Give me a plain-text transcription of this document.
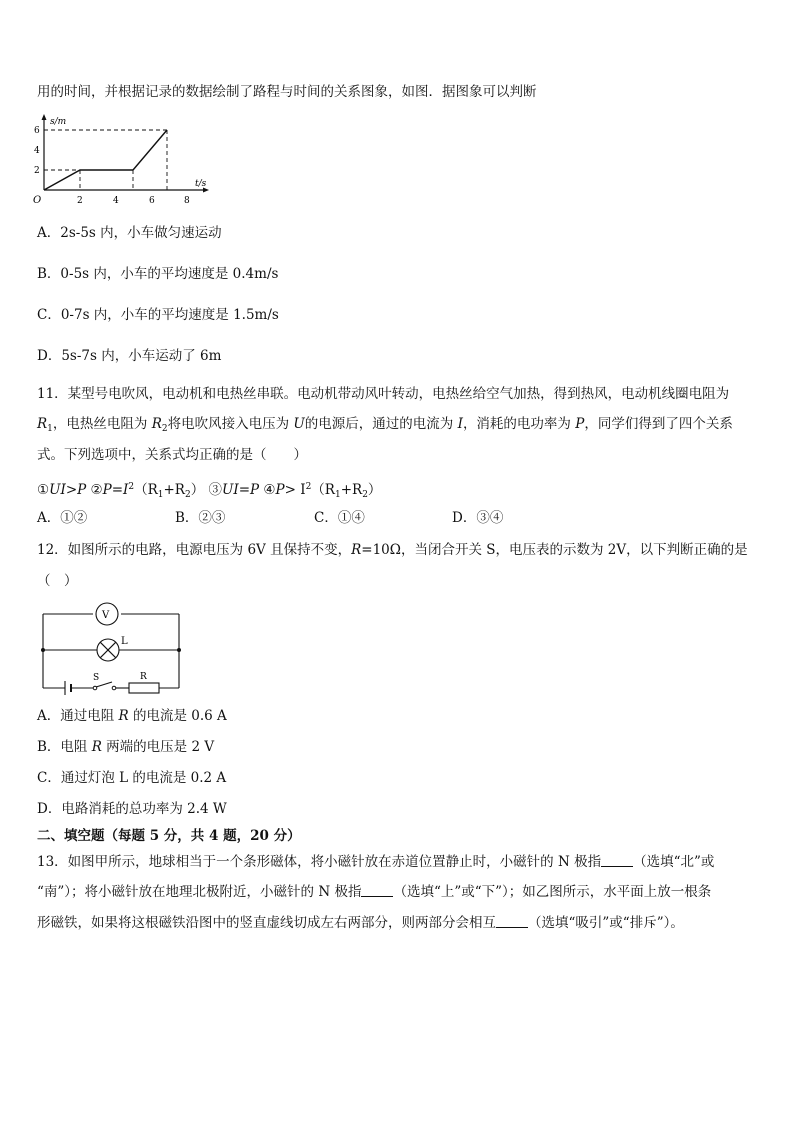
用的时间，并根据记录的数据绘制了路程与时间的关系图象，如图．据图象可以判断
s/m
t/s
O
2
4
6
2	4	6	8
A．2s-5s 内，小车做匀速运动
B．0-5s 内，小车的平均速度是 0.4m/s
C．0-7s 内，小车的平均速度是 1.5m/s
D．5s-7s 内，小车运动了 6m
11．某型号电吹风，电动机和电热丝串联。电动机带动风叶转动，电热丝给空气加热，得到热风，电动机线圈电阻为
$R_1$，电热丝电阻为 $R_2$将电吹风接入电压为 U的电源后，通过的电流为 I，消耗的电功率为 P，同学们得到了四个关系
式。下列选项中，关系式均正确的是（　　）
①UI>P $②P=I^2(R_1+R_2)$ ③UI=P ④P> $I^2(R_1+R_2)$
A．①②	B．②③	C．①④	D．③④
12．如图所示的电路，电源电压为 6V 且保持不变，R=10Ω，当闭合开关 S，电压表的示数为 2V，以下判断正确的是
（　）
V
L
S	R
A．通过电阻 R 的电流是 0.6 A
B．电阻 R 两端的电压是 2 V
C．通过灯泡 L 的电流是 0.2 A
D．电路消耗的总功率为 2.4 W
二、填空题（每题 5 分，共 4 题，20 分）
13．如图甲所示，地球相当于一个条形磁体，将小磁针放在赤道位置静止时，小磁针的 N 极指 （选填“北”或
“南”）；将小磁针放在地理北极附近，小磁针的 N 极指 （选填“上”或“下”）；如乙图所示，水平面上放一根条
形磁铁，如果将这根磁铁沿图中的竖直虚线切成左右两部分，则两部分会相互 （选填“吸引”或“排斥”）。
